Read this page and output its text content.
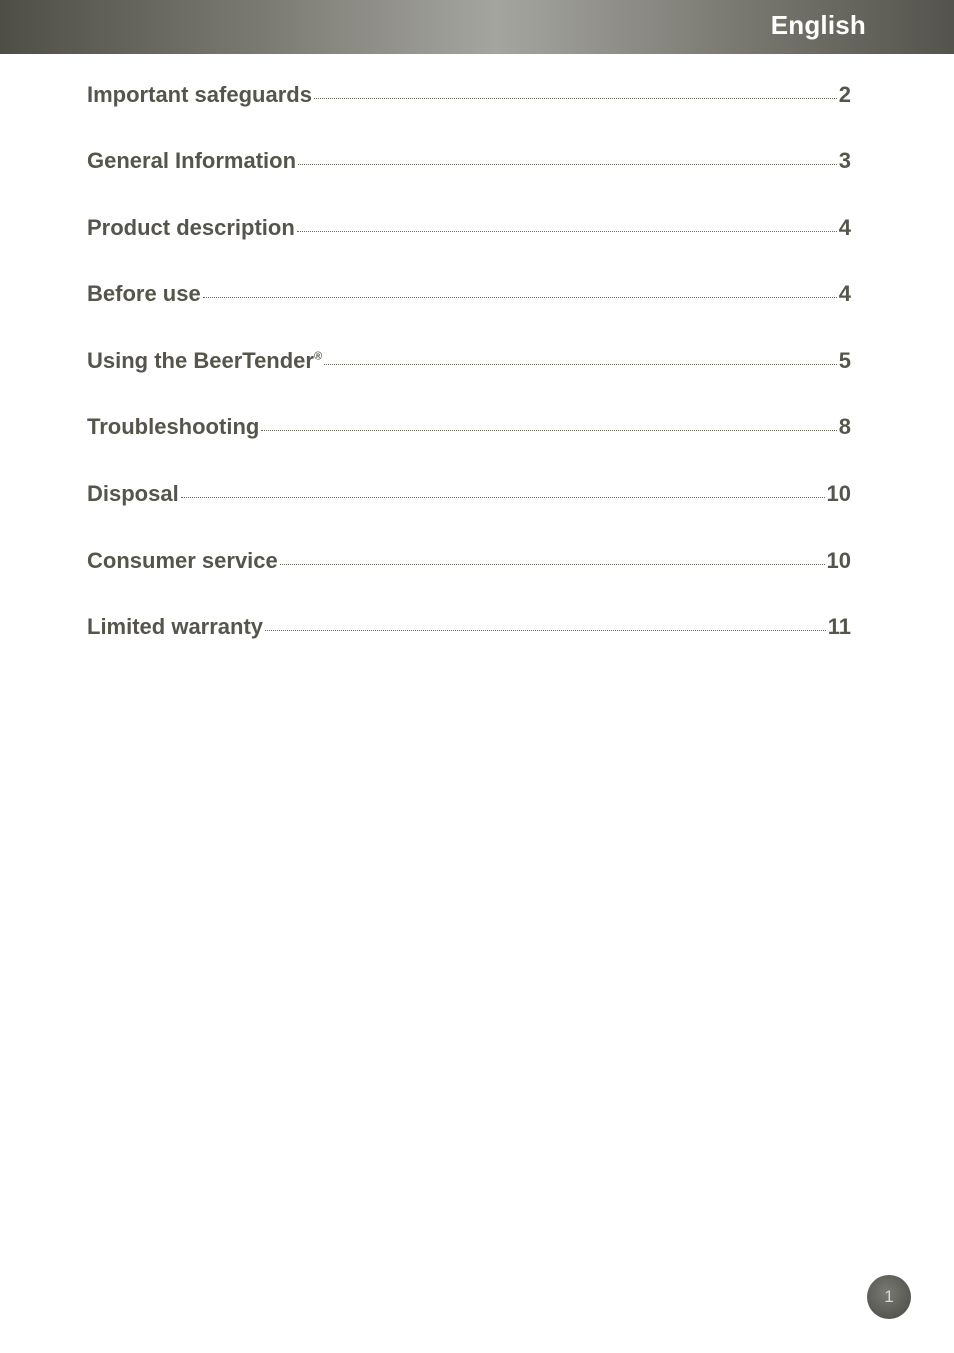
English
Important safeguards	2
General Information	3
Product description	4
Before use	4
Using the BeerTender®	5
Troubleshooting	8
Disposal	10
Consumer service	10
Limited warranty	11
1
